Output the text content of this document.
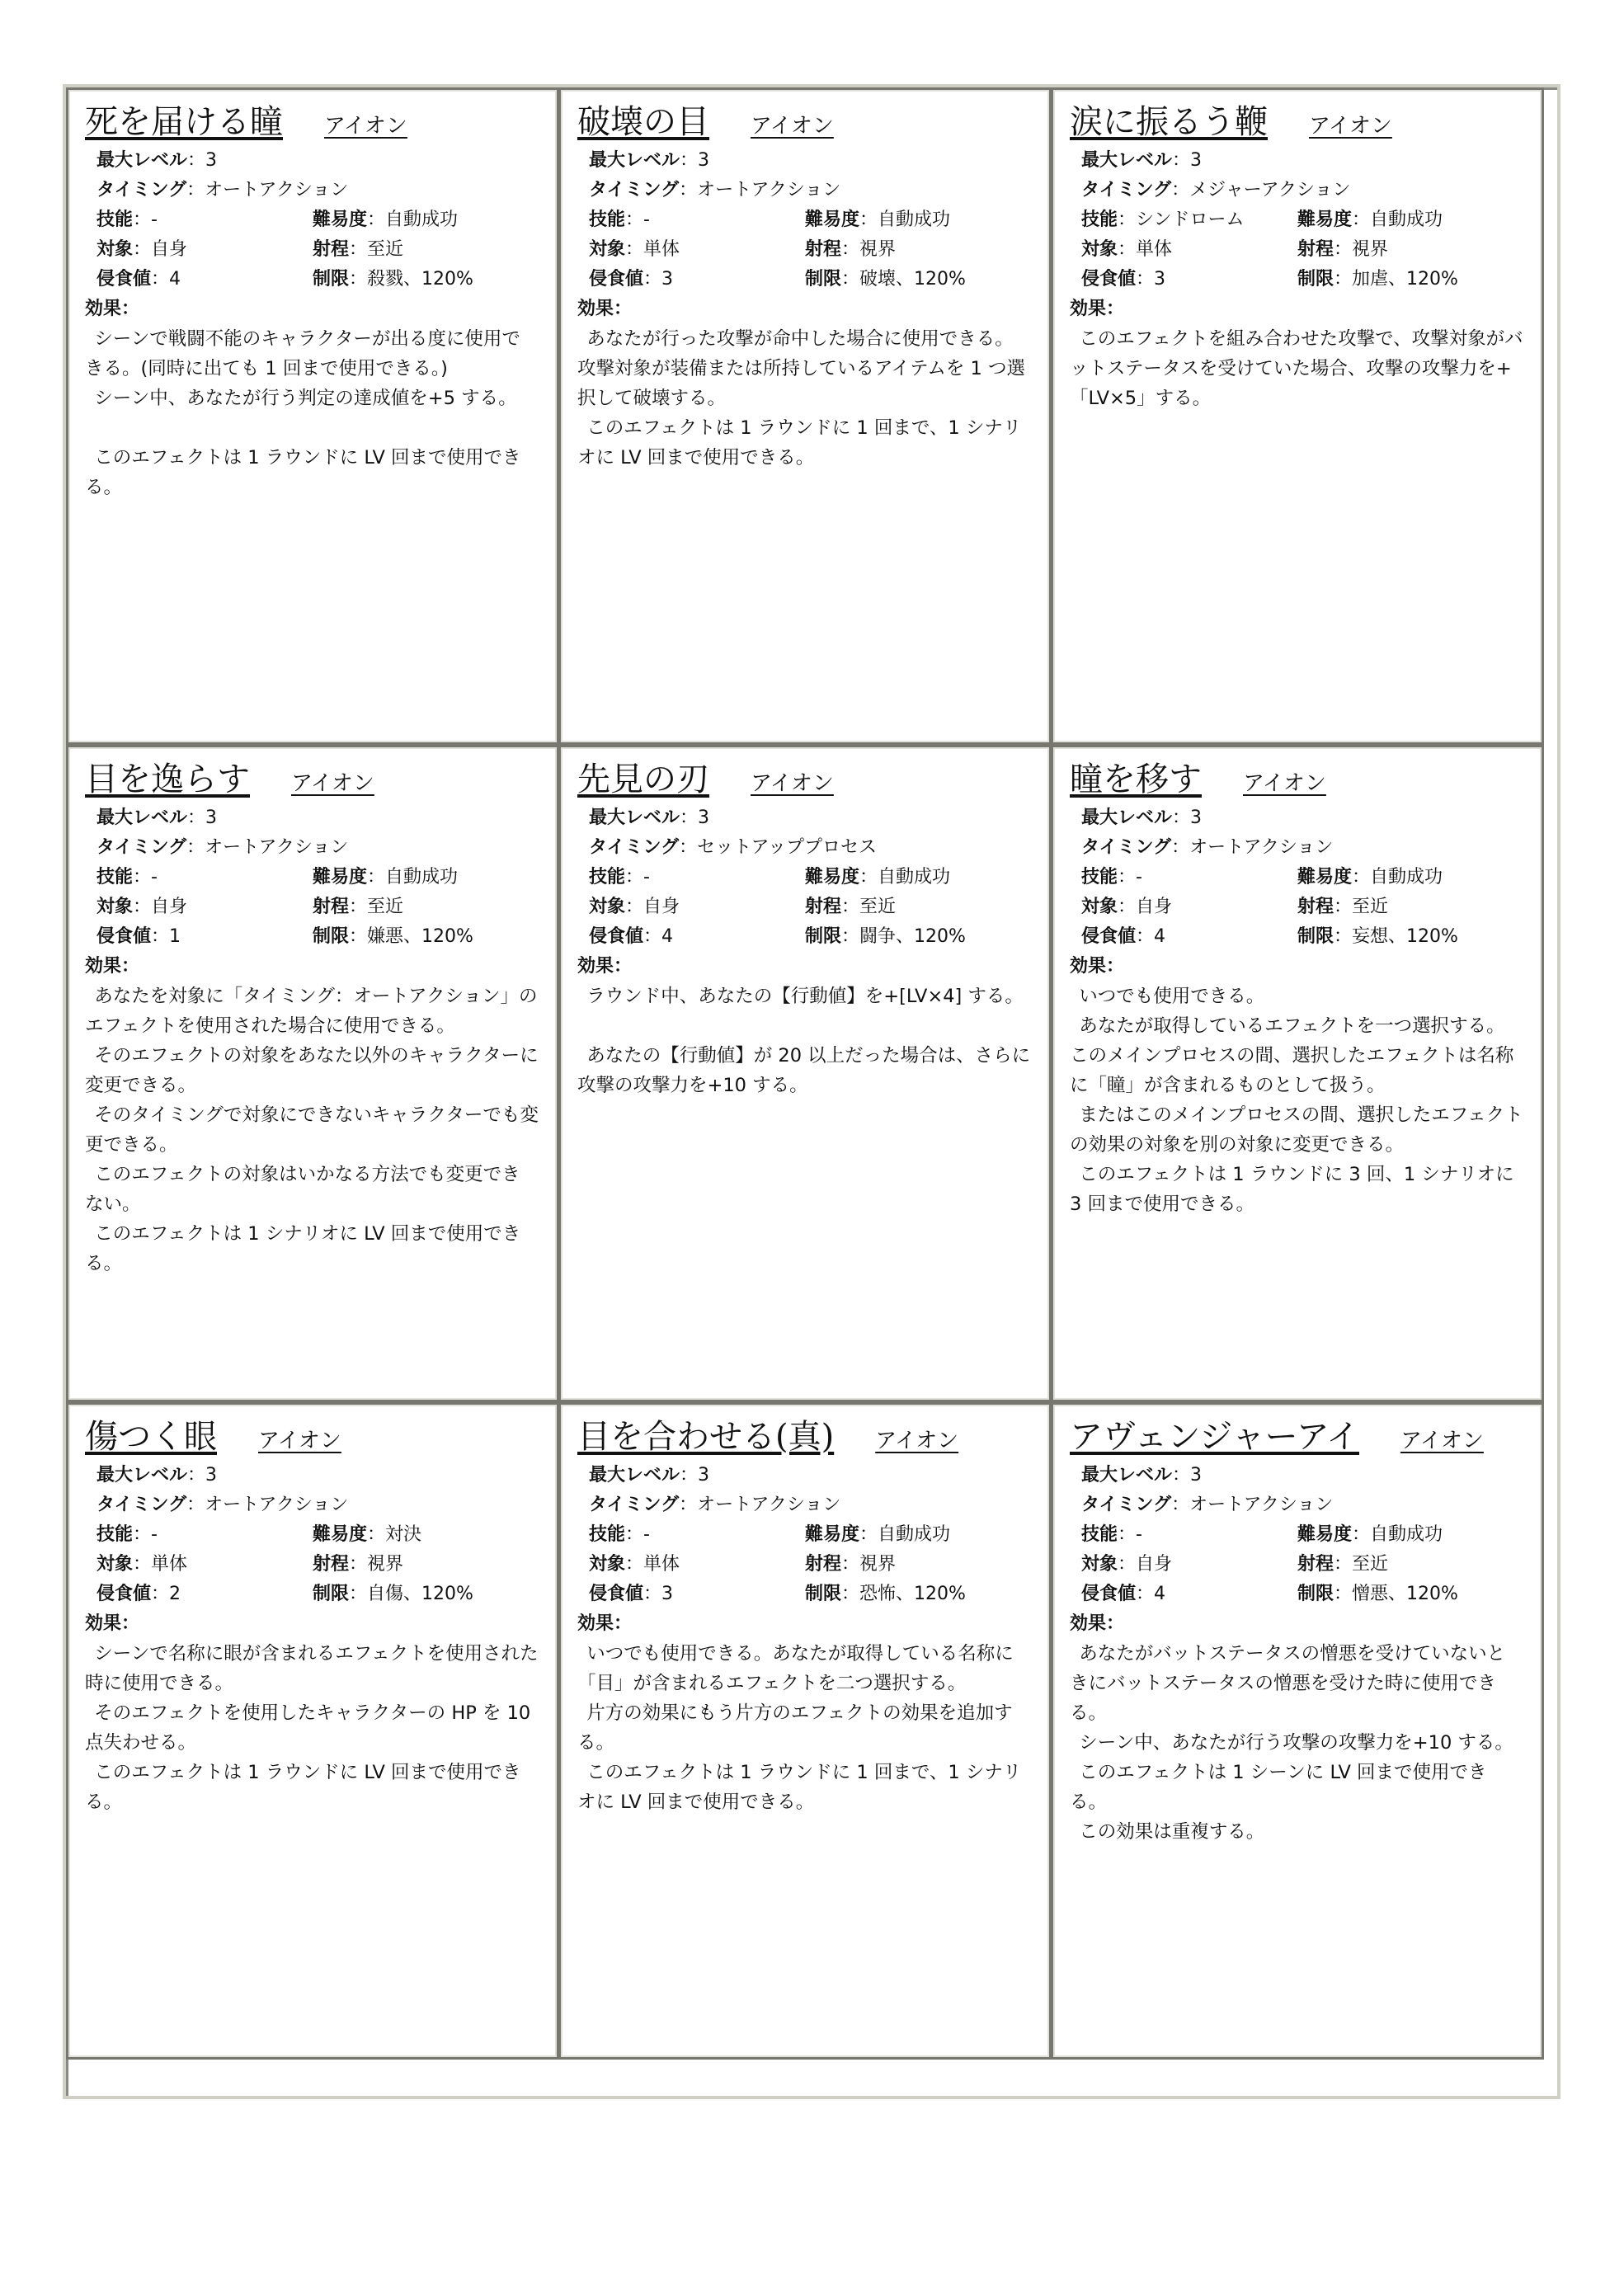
死を届ける瞳 アイオン
最大レベル：3
タイミング：オートアクション
技能：-	難易度：自動成功
対象：自身	射程：至近
侵食値：4	制限：殺戮、120%
効果：

シーンで戦闘不能のキャラクターが出る度に使用できる。(同時に出ても 1 回まで使用できる。)

シーン中、あなたが行う判定の達成値を+5 する。

このエフェクトは 1 ラウンドに LV 回まで使用できる。

破壊の目 アイオン
最大レベル：3
タイミング：オートアクション
技能：-	難易度：自動成功
対象：単体	射程：視界
侵食値：3	制限：破壊、120%
効果：

あなたが行った攻撃が命中した場合に使用できる。 攻撃対象が装備または所持しているアイテムを 1 つ選択して破壊する。

このエフェクトは 1 ラウンドに 1 回まで、1 シナリオに LV 回まで使用できる。

涙に振るう鞭 アイオン
最大レベル：3
タイミング：メジャーアクション
技能：シンドローム	難易度：自動成功
対象：単体	射程：視界
侵食値：3	制限：加虐、120%
効果：

このエフェクトを組み合わせた攻撃で、攻撃対象がバットステータスを受けていた場合、攻撃の攻撃力を+「LV×5」する。

目を逸らす アイオン
最大レベル：3
タイミング：オートアクション
技能：-	難易度：自動成功
対象：自身	射程：至近
侵食値：1	制限：嫌悪、120%
効果：

あなたを対象に「タイミング：オートアクション」のエフェクトを使用された場合に使用できる。

そのエフェクトの対象をあなた以外のキャラクターに変更できる。

そのタイミングで対象にできないキャラクターでも変更できる。

このエフェクトの対象はいかなる方法でも変更できない。

このエフェクトは 1 シナリオに LV 回まで使用できる。

先見の刃 アイオン
最大レベル：3
タイミング：セットアッププロセス
技能：-	難易度：自動成功
対象：自身	射程：至近
侵食値：4	制限：闘争、120%
効果：

ラウンド中、あなたの【行動値】を+[LV×4] する。

あなたの【行動値】が 20 以上だった場合は、さらに攻撃の攻撃力を+10 する。

瞳を移す アイオン
最大レベル：3
タイミング：オートアクション
技能：-	難易度：自動成功
対象：自身	射程：至近
侵食値：4	制限：妄想、120%
効果：

いつでも使用できる。

あなたが取得しているエフェクトを一つ選択する。このメインプロセスの間、選択したエフェクトは名称に「瞳」が含まれるものとして扱う。

またはこのメインプロセスの間、選択したエフェクトの効果の対象を別の対象に変更できる。

このエフェクトは 1 ラウンドに 3 回、1 シナリオに 3 回まで使用できる。

傷つく眼 アイオン
最大レベル：3
タイミング：オートアクション
技能：-	難易度：対決
対象：単体	射程：視界
侵食値：2	制限：自傷、120%
効果：

シーンで名称に眼が含まれるエフェクトを使用された時に使用できる。

そのエフェクトを使用したキャラクターの HP を 10 点失わせる。

このエフェクトは 1 ラウンドに LV 回まで使用できる。

目を合わせる(真) アイオン
最大レベル：3
タイミング：オートアクション
技能：-	難易度：自動成功
対象：単体	射程：視界
侵食値：3	制限：恐怖、120%
効果：

いつでも使用できる。あなたが取得している名称に「目」が含まれるエフェクトを二つ選択する。

片方の効果にもう片方のエフェクトの効果を追加する。

このエフェクトは 1 ラウンドに 1 回まで、1 シナリオに LV 回まで使用できる。

アヴェンジャーアイ アイオン
最大レベル：3
タイミング：オートアクション
技能：-	難易度：自動成功
対象：自身	射程：至近
侵食値：4	制限：憎悪、120%
効果：

あなたがバットステータスの憎悪を受けていないときにバットステータスの憎悪を受けた時に使用できる。

シーン中、あなたが行う攻撃の攻撃力を+10 する。

このエフェクトは 1 シーンに LV 回まで使用できる。

この効果は重複する。
